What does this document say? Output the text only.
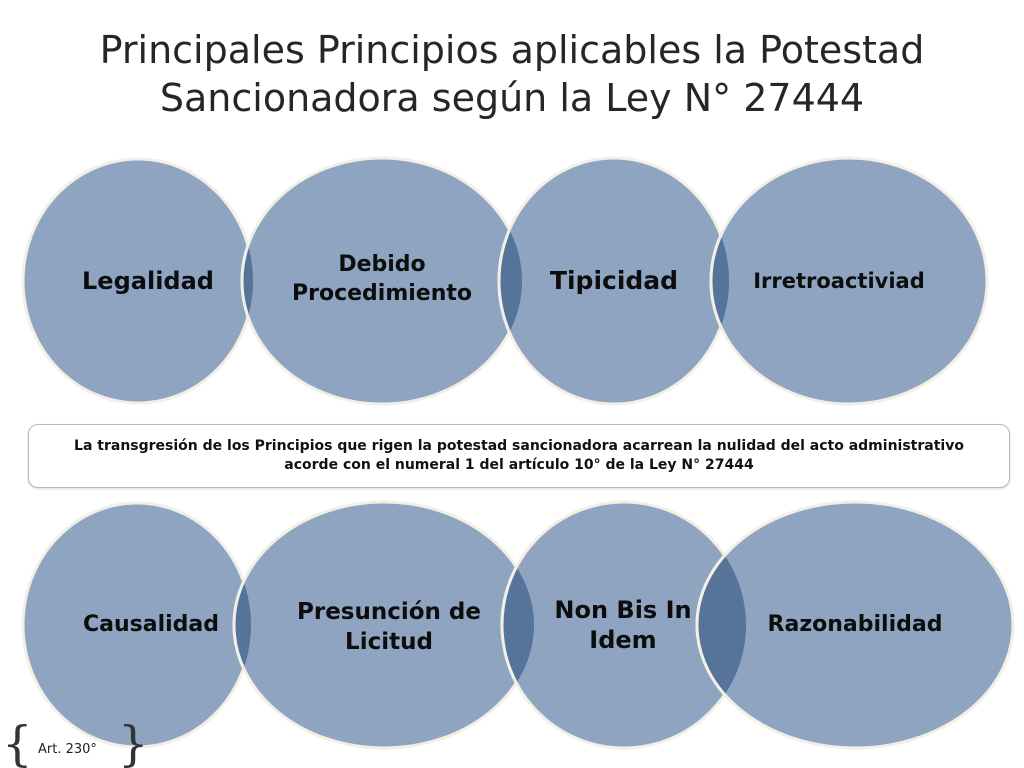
Principales Principios aplicables la Potestad Sancionadora según la Ley N° 27444
Legalidad
Debido Procedimiento	Tipicidad	Irretroactiviad
La transgresión de los Principios que rigen la potestad sancionadora acarrean la nulidad del acto administrativo acorde con el numeral 1 del artículo 10° de la Ley N° 27444
Causalidad	Presunción de Licitud
Non Bis In Idem
Razonabilidad
{ Art. 230° }
